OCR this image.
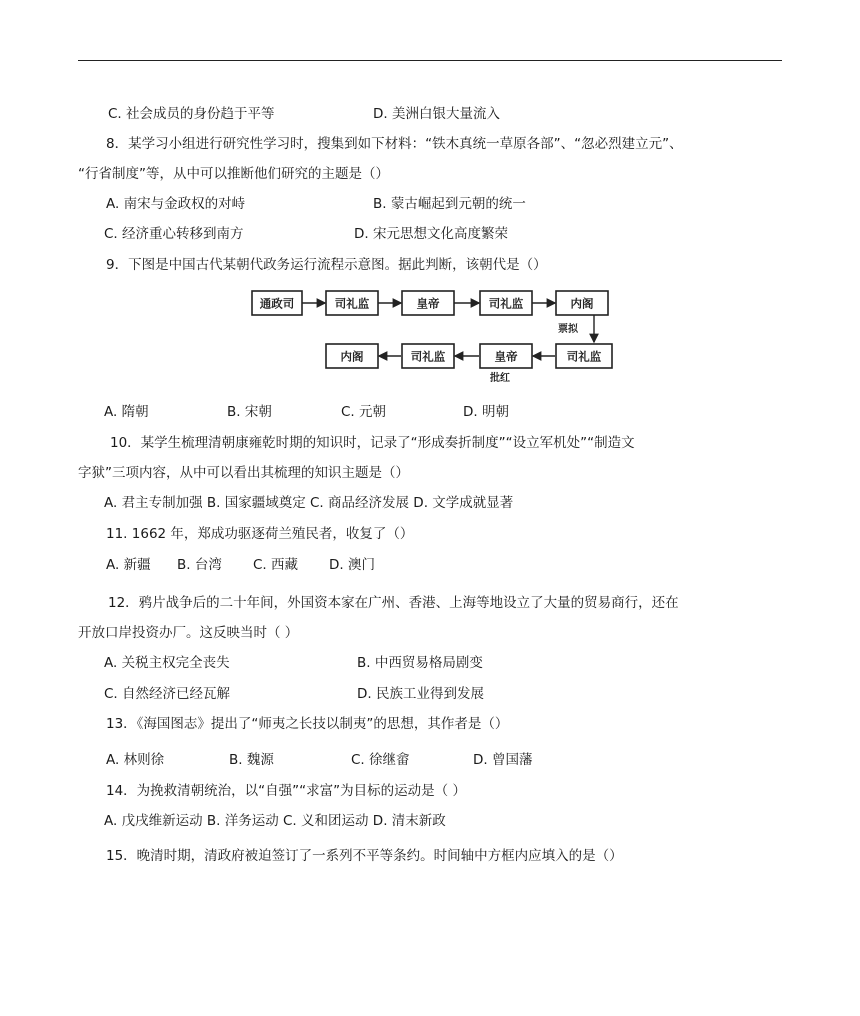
C. 社会成员的身份趋于平等	D. 美洲白银大量流入
8．某学习小组进行研究性学习时，搜集到如下材料：“铁木真统一草原各部”、“忽必烈建立元”、
“行省制度”等，从中可以推断他们研究的主题是（）
A. 南宋与金政权的对峙	B. 蒙古崛起到元朝的统一
C. 经济重心转移到南方	D. 宋元思想文化高度繁荣
9．下图是中国古代某朝代政务运行流程示意图。据此判断，该朝代是（）
通政司	司礼监	皇帝	司礼监	内阁
票拟
内阁	司礼监	皇帝	司礼监
批红
A. 隋朝	B. 宋朝	C. 元朝	D. 明朝
10．某学生梳理清朝康雍乾时期的知识时，记录了“形成奏折制度”“设立军机处”“制造文
字狱”三项内容，从中可以看出其梳理的知识主题是（）
A. 君主专制加强 B. 国家疆域奠定 C. 商品经济发展 D. 文学成就显著
11. 1662 年，郑成功驱逐荷兰殖民者，收复了（）
A. 新疆 B. 台湾 C. 西藏 D. 澳门
12．鸦片战争后的二十年间，外国资本家在广州、香港、上海等地设立了大量的贸易商行，还在
开放口岸投资办厂。这反映当时（ ）
A. 关税主权完全丧失	B. 中西贸易格局剧变
C. 自然经济已经瓦解	D. 民族工业得到发展
13．《海国图志》提出了“师夷之长技以制夷”的思想，其作者是（）
A. 林则徐	B. 魏源	C. 徐继畲	D. 曾国藩
14．为挽救清朝统治，以“自强”“求富”为目标的运动是（ ）
A. 戊戌维新运动 B. 洋务运动 C. 义和团运动 D. 清末新政
15．晚清时期，清政府被迫签订了一系列不平等条约。时间轴中方框内应填入的是（）
